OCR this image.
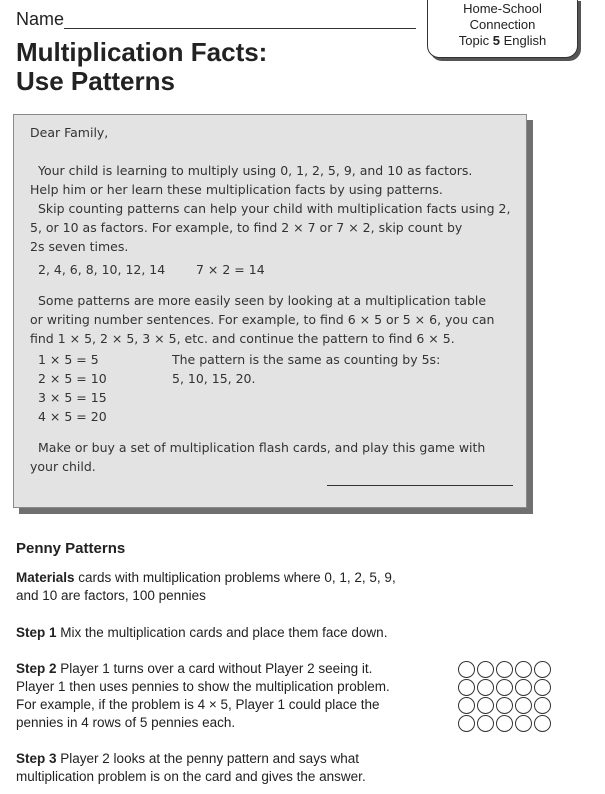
Name
Home-School
Connection
Topic 5 English
Multiplication Facts:
Use Patterns

Dear Family,

Your child is learning to multiply using 0, 1, 2, 5, 9, and 10 as factors.

Help him or her learn these multiplication facts by using patterns.

Skip counting patterns can help your child with multiplication facts using 2,

5, or 10 as factors. For example, to find 2 × 7 or 7 × 2, skip count by

2s seven times.

2, 4, 6, 8, 10, 12, 14 7 × 2 = 14

Some patterns are more easily seen by looking at a multiplication table

or writing number sentences. For example, to find 6 × 5 or 5 × 6, you can

find 1 × 5, 2 × 5, 3 × 5, etc. and continue the pattern to find 6 × 5.

1 × 5 = 5

2 × 5 = 10

3 × 5 = 15

4 × 5 = 20

The pattern is the same as counting by 5s:

5, 10, 15, 20.

Make or buy a set of multiplication flash cards, and play this game with

your child.

Penny Patterns

Materials cards with multiplication problems where 0, 1, 2, 5, 9,

and 10 are factors, 100 pennies

Step 1 Mix the multiplication cards and place them face down.

Step 2 Player 1 turns over a card without Player 2 seeing it.

Player 1 then uses pennies to show the multiplication problem.

For example, if the problem is 4 × 5, Player 1 could place the

pennies in 4 rows of 5 pennies each.

Step 3 Player 2 looks at the penny pattern and says what

multiplication problem is on the card and gives the answer.
